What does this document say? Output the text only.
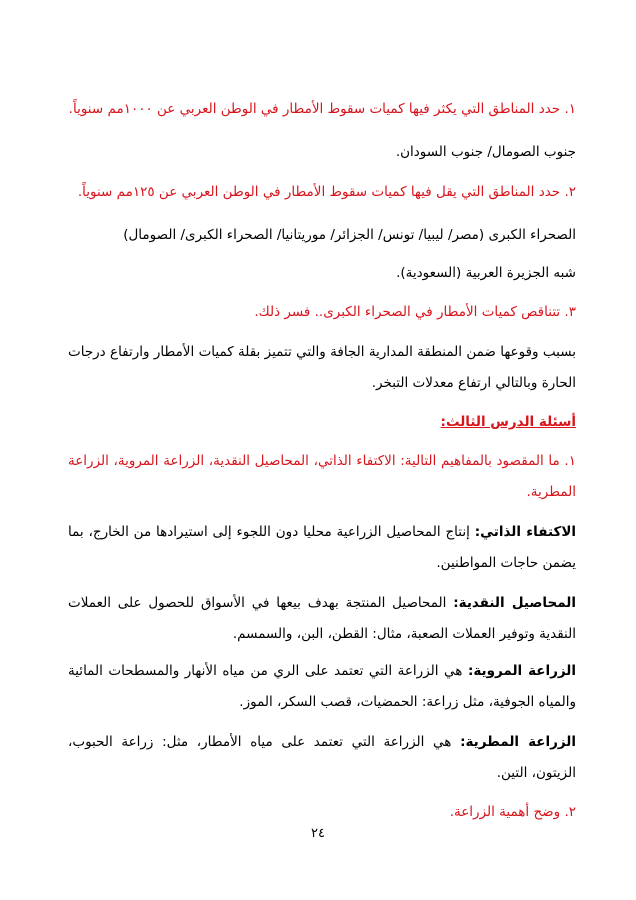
١. حدد المناطق التي يكثر فيها كميات سقوط الأمطار في الوطن العربي عن ١٠٠٠مم سنوياً.
جنوب الصومال/ جنوب السودان.
٢. حدد المناطق التي يقل فيها كميات سقوط الأمطار في الوطن العربي عن ١٢٥مم سنوياً.
الصحراء الكبرى (مصر/ ليبيا/ تونس/ الجزائر/ موريتانيا/ الصحراء الكبرى/ الصومال)
شبه الجزيرة العربية (السعودية).
٣. تتناقص كميات الأمطار في الصحراء الكبرى.. فسر ذلك.
بسبب وقوعها ضمن المنطقة المدارية الجافة والتي تتميز بقلة كميات الأمطار وارتفاع درجات الحارة وبالتالي ارتفاع معدلات التبخر.
أسئلة الدرس الثالث:
١. ما المقصود بالمفاهيم التالية: الاكتفاء الذاتي، المحاصيل النقدية، الزراعة المروية، الزراعة المطرية.
الاكتفاء الذاتي: إنتاج المحاصيل الزراعية محليا دون اللجوء إلى استيرادها من الخارج، بما يضمن حاجات المواطنين.
المحاصيل النقدية: المحاصيل المنتجة بهدف بيعها في الأسواق للحصول على العملات النقدية وتوفير العملات الصعبة، مثال: القطن، البن، والسمسم.
الزراعة المروية: هي الزراعة التي تعتمد على الري من مياه الأنهار والمسطحات المائية والمياه الجوفية، مثل زراعة: الحمضيات، قصب السكر، الموز.
الزراعة المطرية: هي الزراعة التي تعتمد على مياه الأمطار، مثل: زراعة الحبوب، الزيتون، التين.
٢. وضح أهمية الزراعة.
٢٤
